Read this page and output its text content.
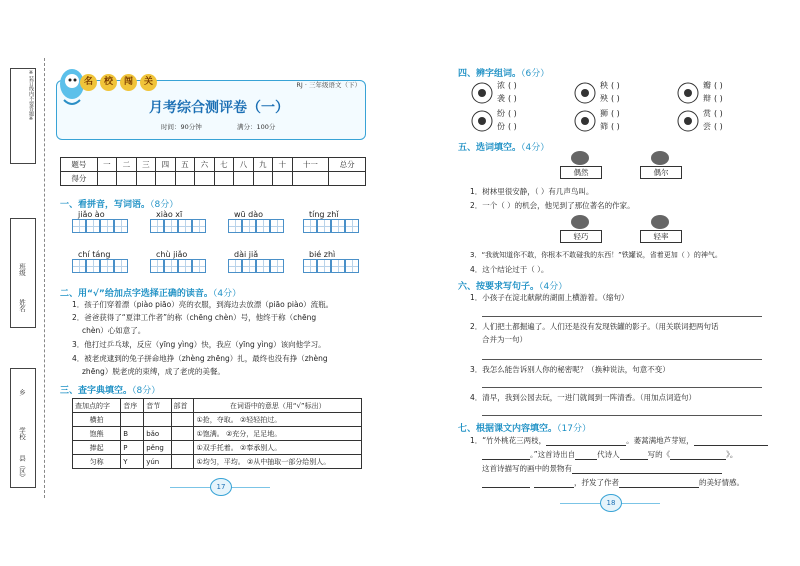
※装订线内不要答题※
班级
姓名
乡
学校
县（区）
RJ · 三年级语文（下）
月考综合测评卷（一）
时间：90分钟	满分：100分
名	校	闯	关
题号	一	二	三	四	五	六	七	八	九	十	十一	总分
得分												
一、看拼音，写词语。（8分）
jiǎo ào	xiào xī	wū dào	tíng zhǐ
chí táng	chù jiǎo	dài jiǎ	bié zhì
二、用“√”给加点字选择正确的读音。（4分）
1．孩子们穿着漂（piào piāo）亮的衣服，到海边去放漂（piāo piào）流瓶。
2．爸爸获得了“夏津工作者”的称（chēng chèn）号，他终于称（chēng
chèn）心如意了。
3．他打过乒乓球，反应（yīng yìng）快，我应（yīng yìng）该向他学习。
4．被老虎逮到的兔子拼命地挣（zhèng zhēng）扎，最终也没有挣（zhèng
zhēng）脱老虎的束缚，成了老虎的美餐。
三、查字典填空。（8分）
查加点的字	音序	音节	部首	在词语中的意思（用“√”标出）
横拍				①抢，夺取。 ②轻轻拍过。
饱熊	B	bǎo		①饱满。 ②充分，足足地。
捧起	P	pěng		①双手托着。 ②奉承别人。
匀称	Y	yún		①均匀，平均。 ②从中抽取一部分给别人。
17
四、辨字组词。（6分）
浓 ( )
袭 ( )
秧 ( )
殃 ( )
瓣 ( )
辩 ( )
纷 ( )
份 ( )
狮 ( )
筛 ( )
赏 ( )
尝 ( )
五、选词填空。（4分）
偶然	偶尔
1．树林里很安静，（ ）有几声鸟叫。
2．一个（ ）的机会，他见到了那位著名的作家。
轻巧	轻率
3．“我就知道你不敢，你根本不敢碰我的东西！”铁罐说，省着更加（ ）的神气。
4．这个结论过于（ ）。
六、按要求写句子。（4分）
1．小孩子在淀北献献的湖面上横游着。（缩句）
2．人们把土都掘遍了。人们还是没有发现铁罐的影子。（用关联词把两句话
合并为一句）
3．我怎么能告诉别人你的秘密呢？（换种说法，句意不变）
4．清早，我到公园去玩，一进门就闻到一阵清香。（用加点词造句）
七、根据课文内容填空。（17分）
1．“竹外桃花三两枝，	。萎蒿满地芦芽短，
。”这首诗出自	代诗人	写的《	》。
这首诗描写的画中的景物有
，抒发了作者	的美好情感。
18
